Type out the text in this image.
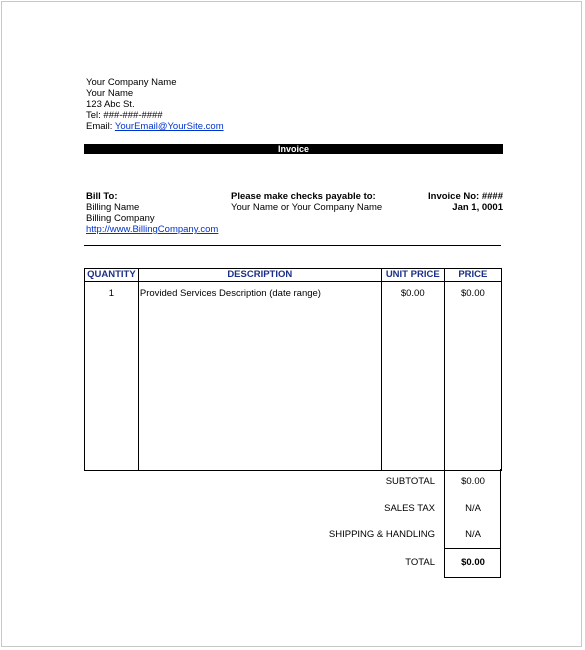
Your Company Name
Your Name
123 Abc St.
Tel: ###-###-####
Email: YourEmail@YourSite.com
Invoice
Bill To:
Billing Name
Billing Company
http://www.BillingCompany.com
Please make checks payable to:
Your Name or Your Company Name
Invoice No: ####
Jan 1, 0001
QUANTITY	DESCRIPTION	UNIT PRICE	PRICE
1	Provided Services Description (date range)	$0.00	$0.00
SUBTOTAL	$0.00
SALES TAX	N/A
SHIPPING & HANDLING	N/A
TOTAL	$0.00
